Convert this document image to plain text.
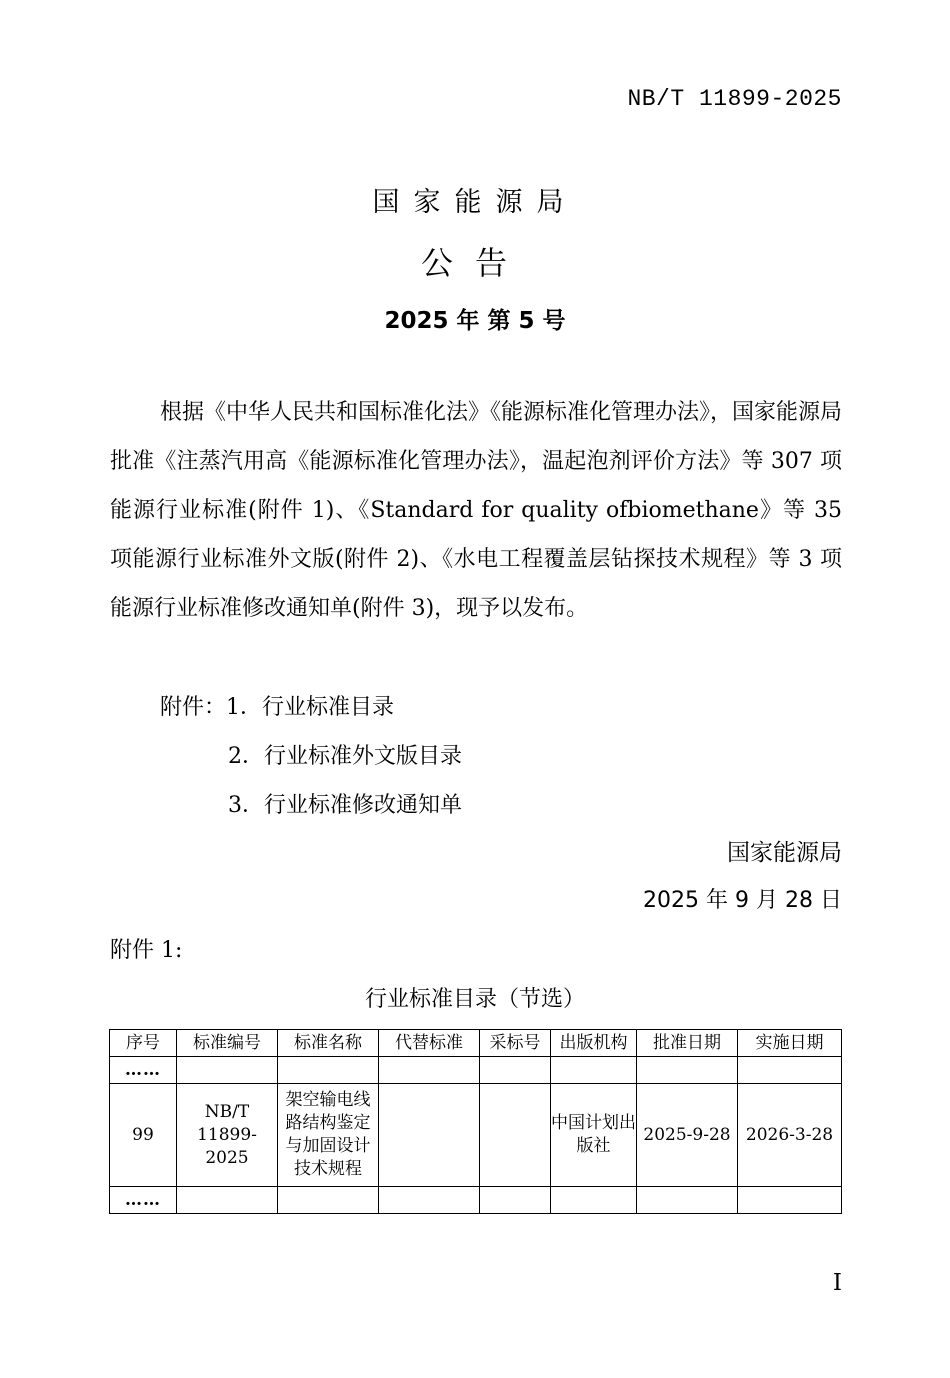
NB/T 11899-2025
国家能源局
公告
2025 年 第 5 号
根据《中华人民共和国标准化法》《能源标准化管理办法》，国家能源局批准《注蒸汽用高《能源标准化管理办法》，温起泡剂评价方法》等 307 项能源行业标准(附件 1)、《Standard for quality ofbiomethane》等 35 项能源行业标准外文版(附件 2)、《水电工程覆盖层钻探技术规程》等 3 项能源行业标准修改通知单(附件 3)，现予以发布。
附件：1．行业标准目录
2．行业标准外文版目录
3．行业标准修改通知单
国家能源局
2025 年 9 月 28 日
附件 1:
行业标准目录（节选）
序号	标准编号	标准名称	代替标准	采标号	出版机构	批准日期	实施日期
……							
99	NB/T 11899-2025	架空输电线路结构鉴定与加固设计技术规程			中国计划出版社	2025-9-28	2026-3-28
……							
I
